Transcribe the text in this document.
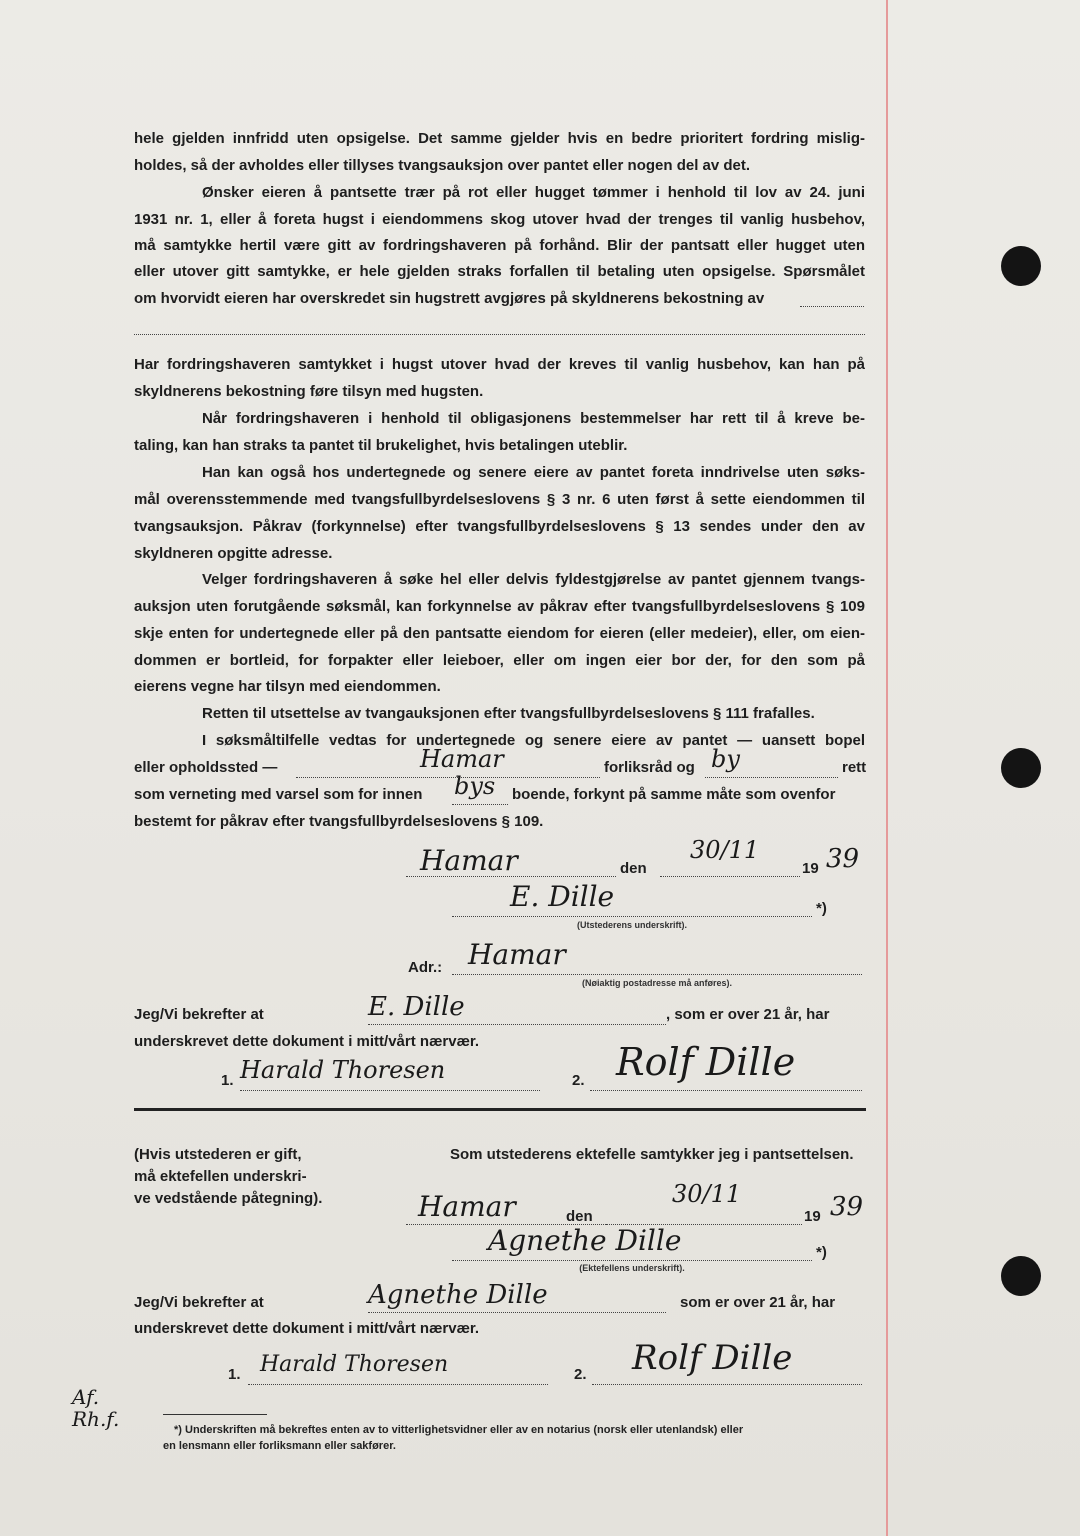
hele gjelden innfridd uten opsigelse. Det samme gjelder hvis en bedre prioritert fordring mislig-
holdes, så der avholdes eller tillyses tvangsauksjon over pantet eller nogen del av det.
Ønsker eieren å pantsette trær på rot eller hugget tømmer i henhold til lov av 24. juni
1931 nr. 1, eller å foreta hugst i eiendommens skog utover hvad der trenges til vanlig husbehov,
må samtykke hertil være gitt av fordringshaveren på forhånd. Blir der pantsatt eller hugget uten
eller utover gitt samtykke, er hele gjelden straks forfallen til betaling uten opsigelse. Spørsmålet
om hvorvidt eieren har overskredet sin hugstrett avgjøres på skyldnerens bekostning av
Har fordringshaveren samtykket i hugst utover hvad der kreves til vanlig husbehov, kan han på
skyldnerens bekostning føre tilsyn med hugsten.
Når fordringshaveren i henhold til obligasjonens bestemmelser har rett til å kreve be-
taling, kan han straks ta pantet til brukelighet, hvis betalingen uteblir.
Han kan også hos undertegnede og senere eiere av pantet foreta inndrivelse uten søks-
mål overensstemmende med tvangsfullbyrdelseslovens § 3 nr. 6 uten først å sette eiendommen til
tvangsauksjon. Påkrav (forkynnelse) efter tvangsfullbyrdelseslovens § 13 sendes under den av
skyldneren opgitte adresse.
Velger fordringshaveren å søke hel eller delvis fyldestgjørelse av pantet gjennem tvangs-
auksjon uten forutgående søksmål, kan forkynnelse av påkrav efter tvangsfullbyrdelseslovens § 109
skje enten for undertegnede eller på den pantsatte eiendom for eieren (eller medeier), eller, om eien-
dommen er bortleid, for forpakter eller leieboer, eller om ingen eier bor der, for den som på
eierens vegne har tilsyn med eiendommen.
Retten til utsettelse av tvangauksjonen efter tvangsfullbyrdelseslovens § 111 frafalles.
I søksmåltilfelle vedtas for undertegnede og senere eiere av pantet — uansett bopel
eller opholdssted —	Hamar	forliksråd og by	rett
som verneting med varsel som for innen	bys boende, forkynt på samme måte som ovenfor
bestemt for påkrav efter tvangsfullbyrdelseslovens § 109.
Hamar	den
30/11
19 39
E. Dille	*)
(Utstederens underskrift).
Adr.: Hamar
(Nøiaktig postadresse må anføres).
Jeg/Vi bekrefter at	E. Dille	, som er over 21 år, har
underskrevet dette dokument i mitt/vårt nærvær.
1. Harald Thoresen	2. Rolf Dille
(Hvis utstederen er gift,
må ektefellen underskri-
ve vedstående påtegning).
Som utstederens ektefelle samtykker jeg i pantsettelsen.
Hamar	den
30/11
19 39
Agnethe Dille	*)
(Ektefellens underskrift).
Jeg/Vi bekrefter at	Agnethe Dille	som er over 21 år, har
underskrevet dette dokument i mitt/vårt nærvær.
1. Harald Thoresen	2. Rolf Dille
Af. Rh.f.	*) Underskriften må bekreftes enten av to vitterlighetsvidner eller av en notarius (norsk eller utenlandsk) eller
en lensmann eller forliksmann eller sakfører.
